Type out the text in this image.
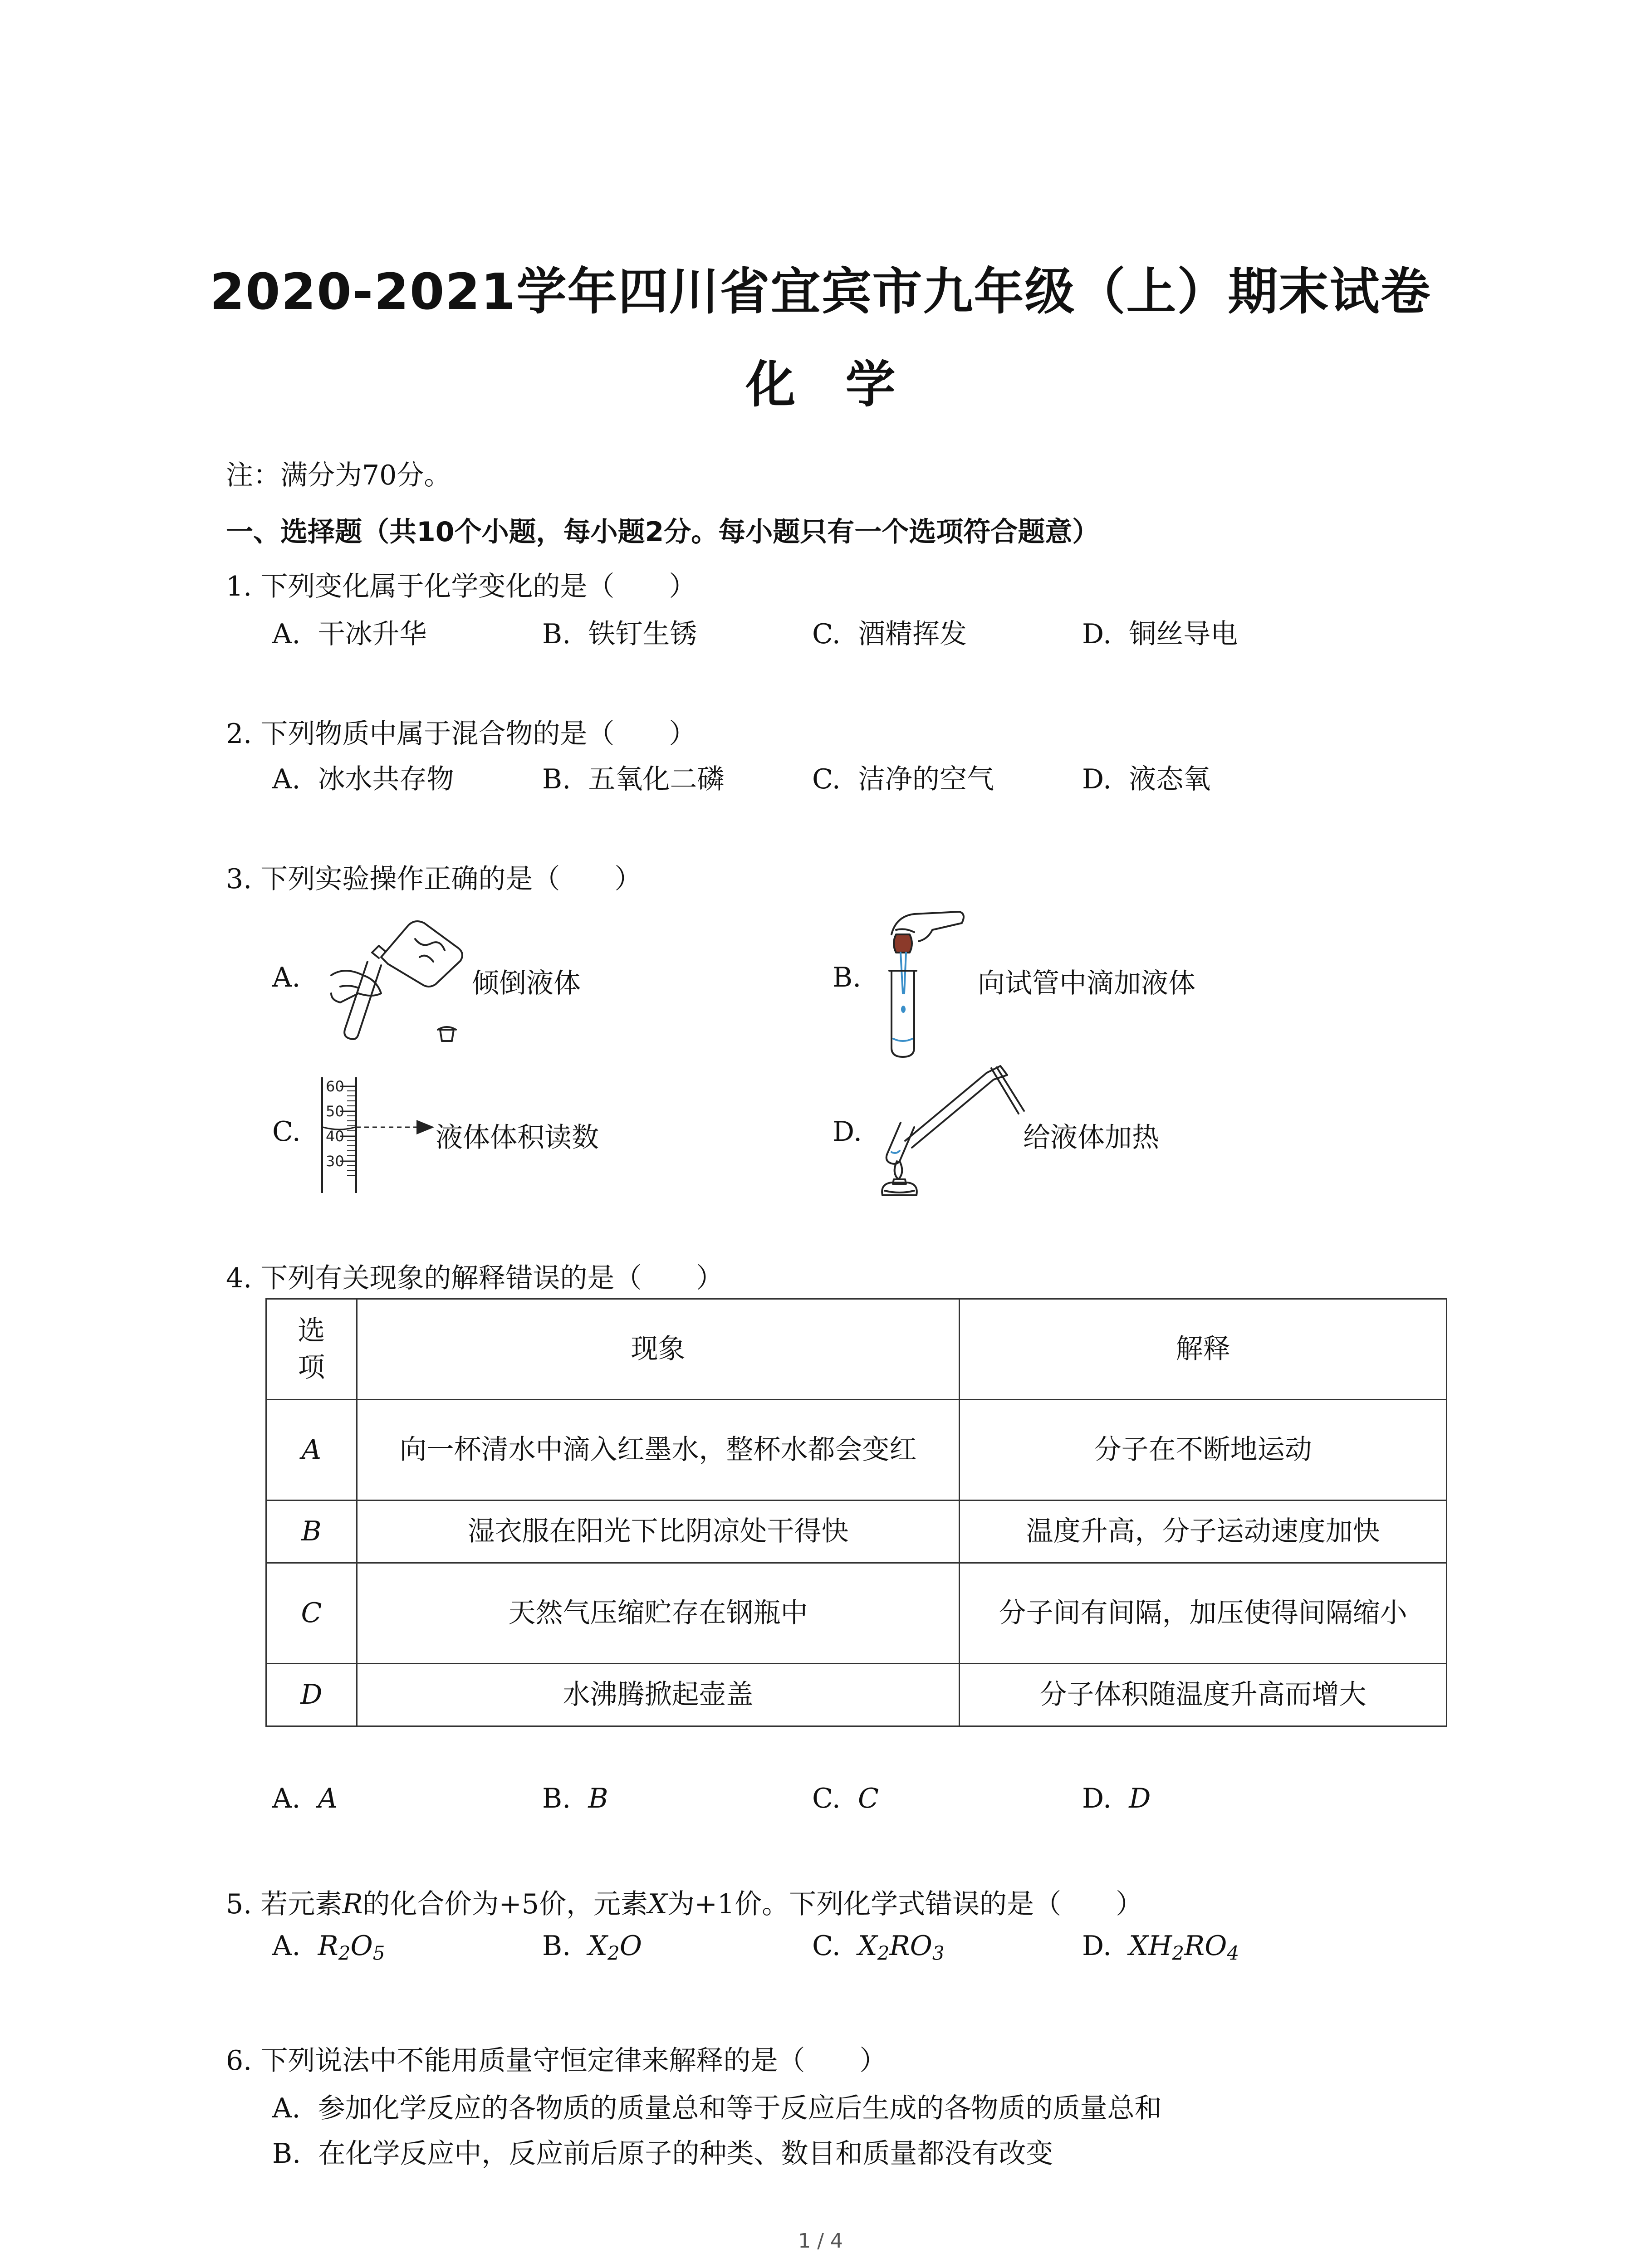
2020-2021学年四川省宜宾市九年级（上）期末试卷
化　学
注：满分为70分。
一、选择题（共10个小题，每小题2分。每小题只有一个选项符合题意）
1. 下列变化属于化学变化的是（　　）
A. 干冰升华	B. 铁钉生锈	C. 酒精挥发	D. 铜丝导电
2. 下列物质中属于混合物的是（　　）
A. 冰水共存物	B. 五氧化二磷	C. 洁净的空气	D. 液态氧
3. 下列实验操作正确的是（　　）
A.	倾倒液体	B.	向试管中滴加液体
C.
60
50
40
30
液体体积读数	D.	给液体加热
4. 下列有关现象的解释错误的是（　　）
选项	现象	解释
A	向一杯清水中滴入红墨水，整杯水都会变红	分子在不断地运动
B	湿衣服在阳光下比阴凉处干得快	温度升高，分子运动速度加快
C	天然气压缩贮存在钢瓶中	分子间有间隔，加压使得间隔缩小
D	水沸腾掀起壶盖	分子体积随温度升高而增大
A. A	B. B	C. C	D. D
5. 若元素R的化合价为+5价，元素X为+1价。下列化学式错误的是（　　）
A. $R_2O_5$	B. $X_2O$	C. $X_2RO_3$	D. $XH_2RO_4$
6. 下列说法中不能用质量守恒定律来解释的是（　　）
A. 参加化学反应的各物质的质量总和等于反应后生成的各物质的质量总和
B. 在化学反应中，反应前后原子的种类、数目和质量都没有改变
1 / 4
